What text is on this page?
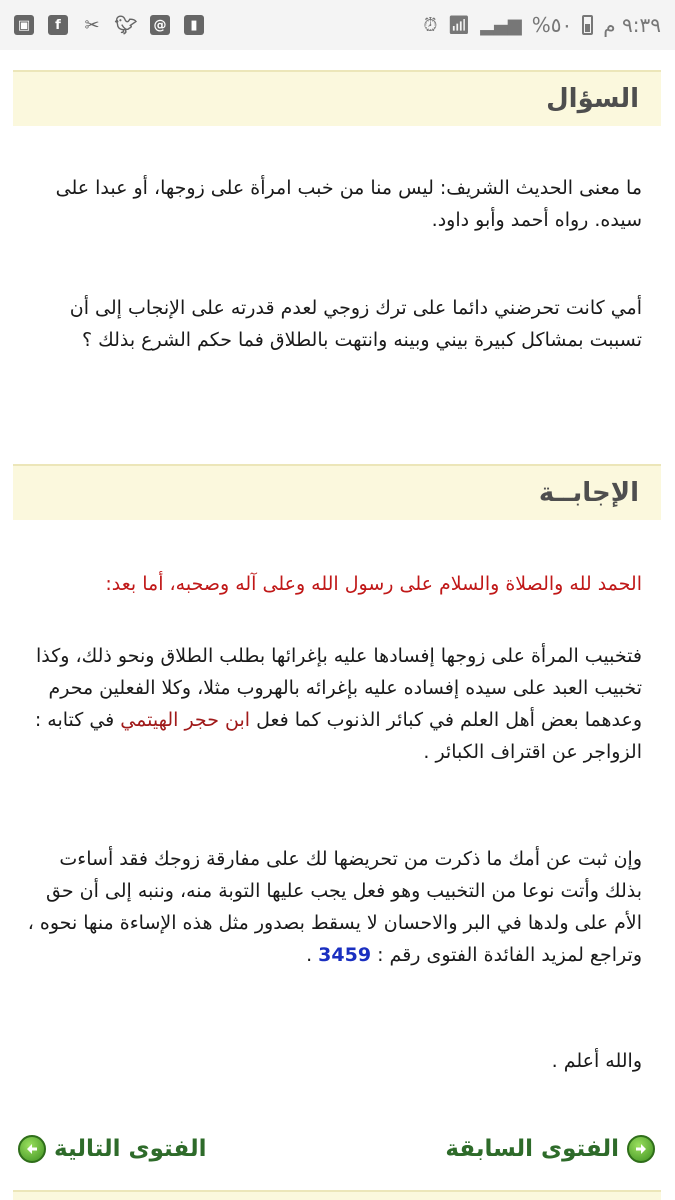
▣	f	✂ 🐦︎ @	▮	⏰︎ 📶︎ ▂▄▆ %٥٠ ٩:٣٩ م
السؤال

ما معنى الحديث الشريف: ليس منا من خبب امرأة على زوجها، أو عبدا على سيده. رواه أحمد وأبو داود.

أمي كانت تحرضني دائما على ترك زوجي لعدم قدرته على الإنجاب إلى أن تسببت بمشاكل كبيرة بيني وبينه وانتهت بالطلاق فما حكم الشرع بذلك ؟

الإجابــة

الحمد لله والصلاة والسلام على رسول الله وعلى آله وصحبه، أما بعد:

فتخبيب المرأة على زوجها إفسادها عليه بإغرائها بطلب الطلاق ونحو ذلك، وكذا تخبيب العبد على سيده إفساده عليه بإغرائه بالهروب مثلا، وكلا الفعلين محرم وعدهما بعض أهل العلم في كبائر الذنوب كما فعل ابن حجر الهيتمي في كتابه : الزواجر عن اقتراف الكبائر .

وإن ثبت عن أمك ما ذكرت من تحريضها لك على مفارقة زوجك فقد أساءت بذلك وأتت نوعا من التخبيب وهو فعل يجب عليها التوبة منه، وننبه إلى أن حق الأم على ولدها في البر والاحسان لا يسقط بصدور مثل هذه الإساءة منها نحوه ، وتراجع لمزيد الفائدة الفتوى رقم : 3459 .

والله أعلم .

الفتوى السابقة
الفتوى التالية
